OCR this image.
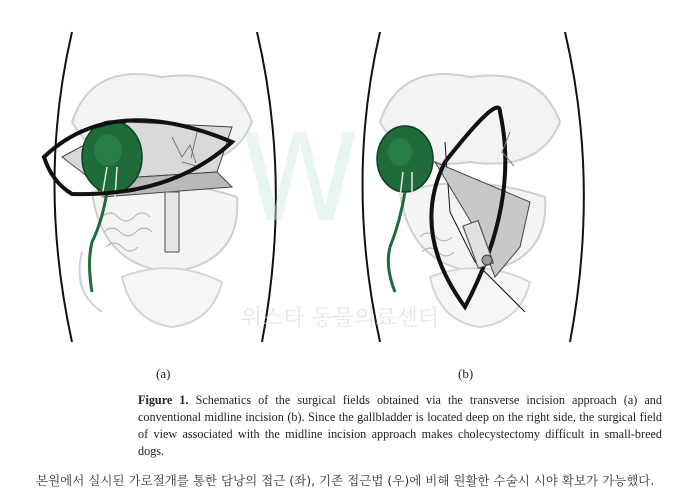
W
위스타 동물의료센터
(a)	(b)
Figure 1. Schematics of the surgical fields obtained via the transverse incision approach (a) and conventional midline incision (b). Since the gallbladder is located deep on the right side, the surgical field of view associated with the midline incision approach makes cholecystectomy difficult in small-breed dogs.
본원에서 실시된 가로절개를 통한 담낭의 접근 (좌), 기존 접근법 (우)에 비해 원활한 수술시 시야 확보가 가능했다.
